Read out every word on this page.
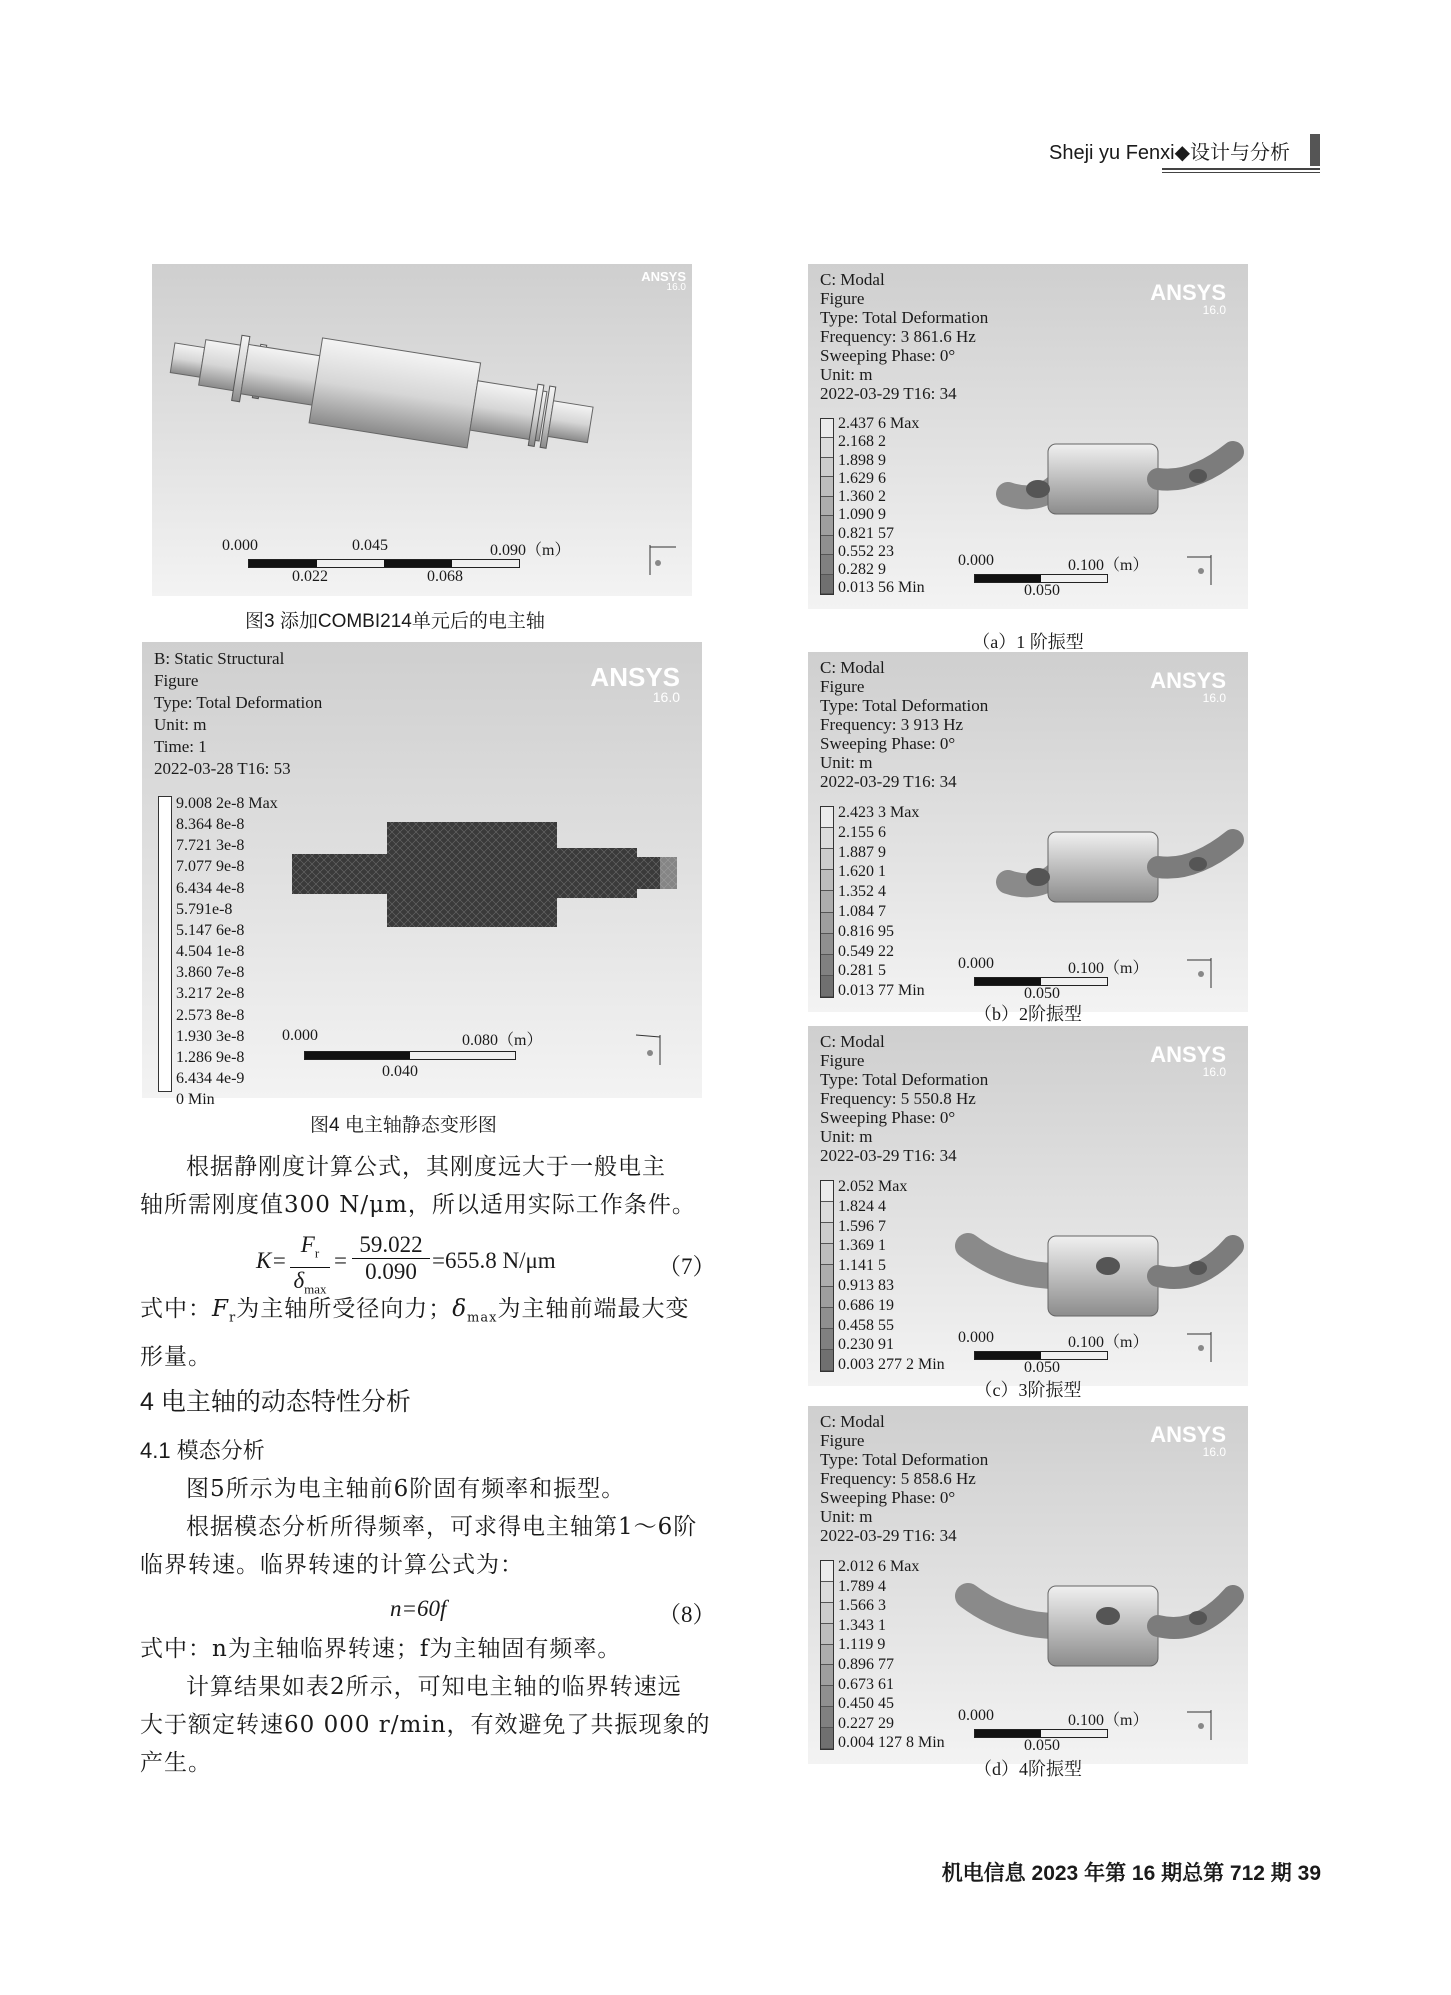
Sheji yu Fenxi◆设计与分析
ANSYS
16.0
0.000	0.045	0.090（m）
0.022	0.068
图3 添加COMBI214单元后的电主轴
B: Static Structural
Figure
Type: Total Deformation
Unit: m
Time: 1
2022-03-28 T16: 53
ANSYS
16.0
9.008 2e-8 Max
8.364 8e-8
7.721 3e-8
7.077 9e-8
6.434 4e-8
5.791e-8
5.147 6e-8
4.504 1e-8
3.860 7e-8
3.217 2e-8
2.573 8e-8
1.930 3e-8
1.286 9e-8
6.434 4e-9
0 Min
0.000	0.080（m）
0.040
图4 电主轴静态变形图
根据静刚度计算公式，其刚度远大于一般电主
轴所需刚度值300 N/μm，所以适用实际工作条件。
K=
$F_r$
$\delta_{max}$
=
59.022
0.090 =655.8 N/μm	（7）
式中：$F_r$为主轴所受径向力；$\delta_{max}$为主轴前端最大变
形量。
4 电主轴的动态特性分析
4.1 模态分析
图5所示为电主轴前6阶固有频率和振型。
根据模态分析所得频率，可求得电主轴第1～6阶
临界转速。临界转速的计算公式为：
n=60f	（8）
式中：n为主轴临界转速；f为主轴固有频率。
计算结果如表2所示，可知电主轴的临界转速远
大于额定转速60 000 r/min，有效避免了共振现象的
产生。
C: Modal
Figure
Type: Total Deformation
Frequency: 3 861.6 Hz
Sweeping Phase: 0°
Unit: m
2022-03-29 T16: 34
ANSYS
16.0
2.437 6 Max
2.168 2
1.898 9
1.629 6
1.360 2
1.090 9
0.821 57
0.552 23
0.282 9
0.013 56 Min
0.000	0.100（m）
0.050
（a）1 阶振型
C: Modal
Figure
Type: Total Deformation
Frequency: 3 913 Hz
Sweeping Phase: 0°
Unit: m
2022-03-29 T16: 34
ANSYS
16.0
2.423 3 Max
2.155 6
1.887 9
1.620 1
1.352 4
1.084 7
0.816 95
0.549 22
0.281 5
0.013 77 Min
0.000	0.100（m）
0.050
（b）2阶振型
C: Modal
Figure
Type: Total Deformation
Frequency: 5 550.8 Hz
Sweeping Phase: 0°
Unit: m
2022-03-29 T16: 34
ANSYS
16.0
2.052 Max
1.824 4
1.596 7
1.369 1
1.141 5
0.913 83
0.686 19
0.458 55
0.230 91
0.003 277 2 Min
0.000	0.100（m）
0.050
（c）3阶振型
C: Modal
Figure
Type: Total Deformation
Frequency: 5 858.6 Hz
Sweeping Phase: 0°
Unit: m
2022-03-29 T16: 34
ANSYS
16.0
2.012 6 Max
1.789 4
1.566 3
1.343 1
1.119 9
0.896 77
0.673 61
0.450 45
0.227 29
0.004 127 8 Min
0.000	0.100（m）
0.050
（d）4阶振型
机电信息 2023 年第 16 期总第 712 期 39
